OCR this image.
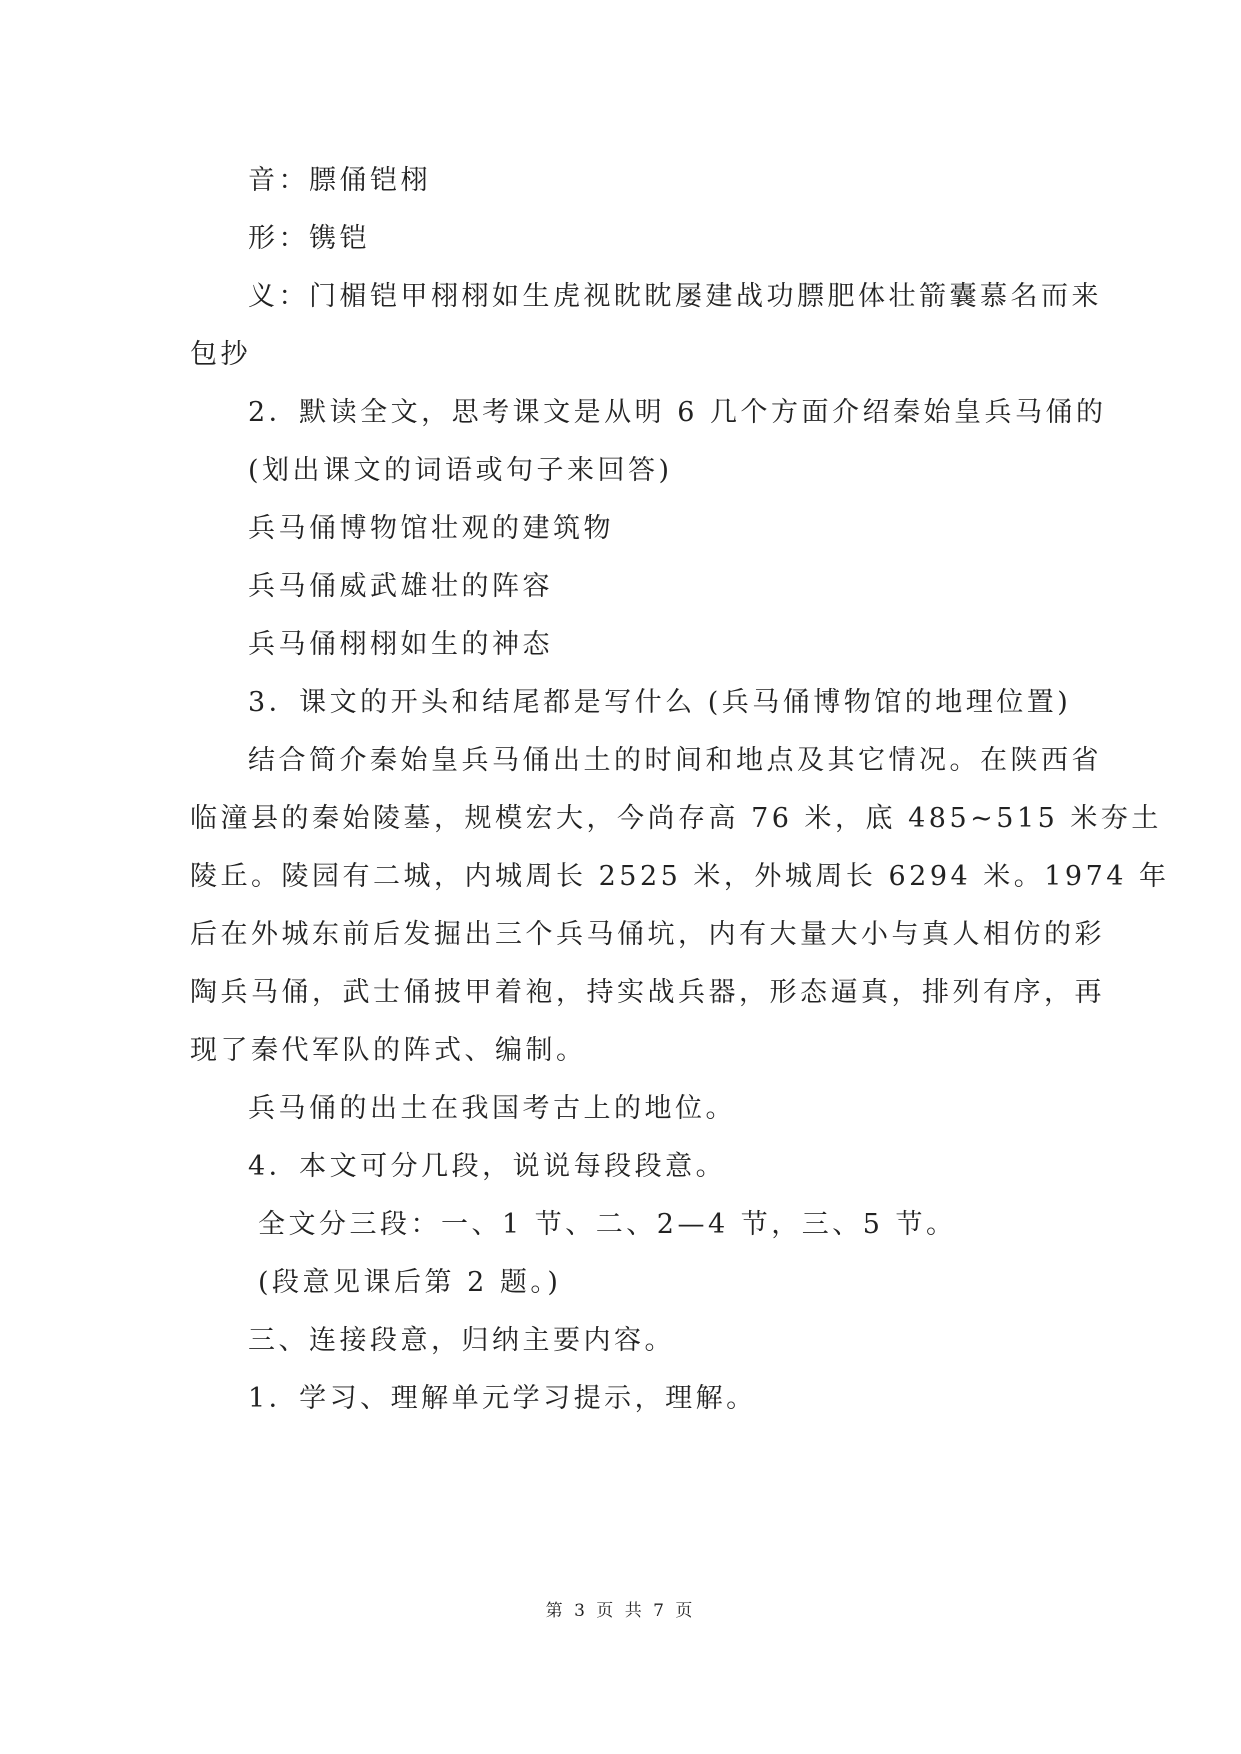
音：膘俑铠栩

形：镌铠

义：门楣铠甲栩栩如生虎视眈眈屡建战功膘肥体壮箭囊慕名而来

包抄

2．默读全文，思考课文是从明 6 几个方面介绍秦始皇兵马俑的

(划出课文的词语或句子来回答)

兵马俑博物馆壮观的建筑物

兵马俑威武雄壮的阵容

兵马俑栩栩如生的神态

3．课文的开头和结尾都是写什么 (兵马俑博物馆的地理位置)

结合简介秦始皇兵马俑出土的时间和地点及其它情况。在陕西省

临潼县的秦始陵墓，规模宏大，今尚存高 76 米，底 485~515 米夯土

陵丘。陵园有二城，内城周长 2525 米，外城周长 6294 米。1974 年

后在外城东前后发掘出三个兵马俑坑，内有大量大小与真人相仿的彩

陶兵马俑，武士俑披甲着袍，持实战兵器，形态逼真，排列有序，再

现了秦代军队的阵式、编制。

兵马俑的出土在我国考古上的地位。

4．本文可分几段，说说每段段意。

全文分三段：一、1 节、二、2—4 节，三、5 节。

(段意见课后第 2 题。)

三、连接段意，归纳主要内容。

1．学习、理解单元学习提示，理解。

第 3 页 共 7 页
